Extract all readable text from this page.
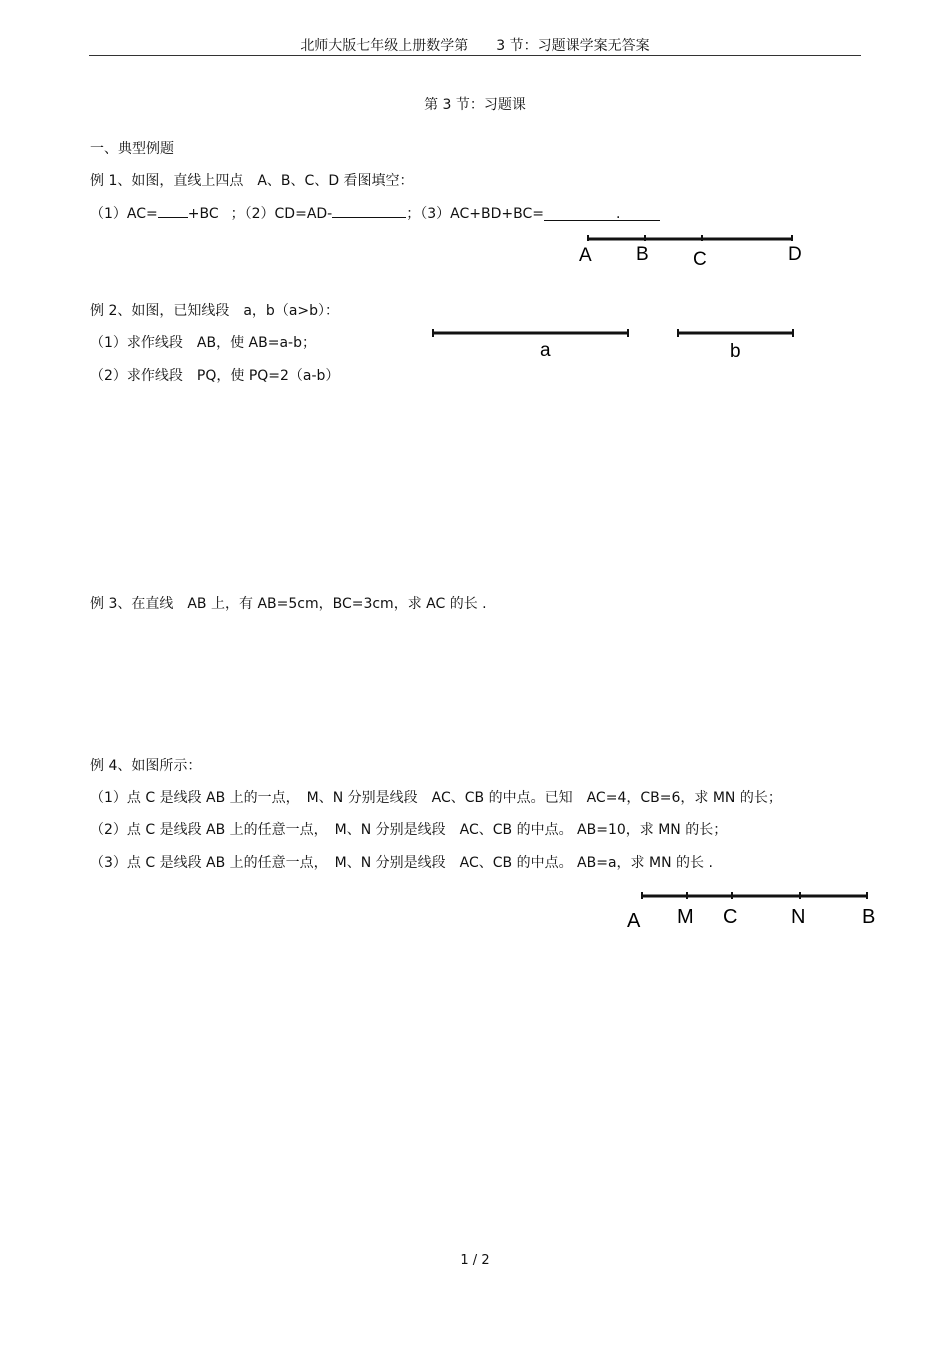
北师大版七年级上册数学第　　3 节：习题课学案无答案
第 3 节：习题课
一、典型例题
例 1、如图，直线上四点　A、B、C、D 看图填空：
（1）AC= +BC ；（2）CD=AD-	；（3）AC+BD+BC=	.
A B C	D
例 2、如图，已知线段　a，b（a>b）：
（1）求作线段　AB，使 AB=a-b；
（2）求作线段　PQ，使 PQ=2（a-b）
a	b
例 3、在直线　AB 上，有 AB=5cm，BC=3cm，求 AC 的长 .
例 4、如图所示：
（1）点 C 是线段 AB 上的一点，　M、N 分别是线段　AC、CB 的中点。已知　AC=4，CB=6，求 MN 的长；
（2）点 C 是线段 AB 上的任意一点，　M、N 分别是线段　AC、CB 的中点。 AB=10，求 MN 的长；
（3）点 C 是线段 AB 上的任意一点，　M、N 分别是线段　AC、CB 的中点。 AB=a，求 MN 的长 .
A M C	N	B
1 / 2
